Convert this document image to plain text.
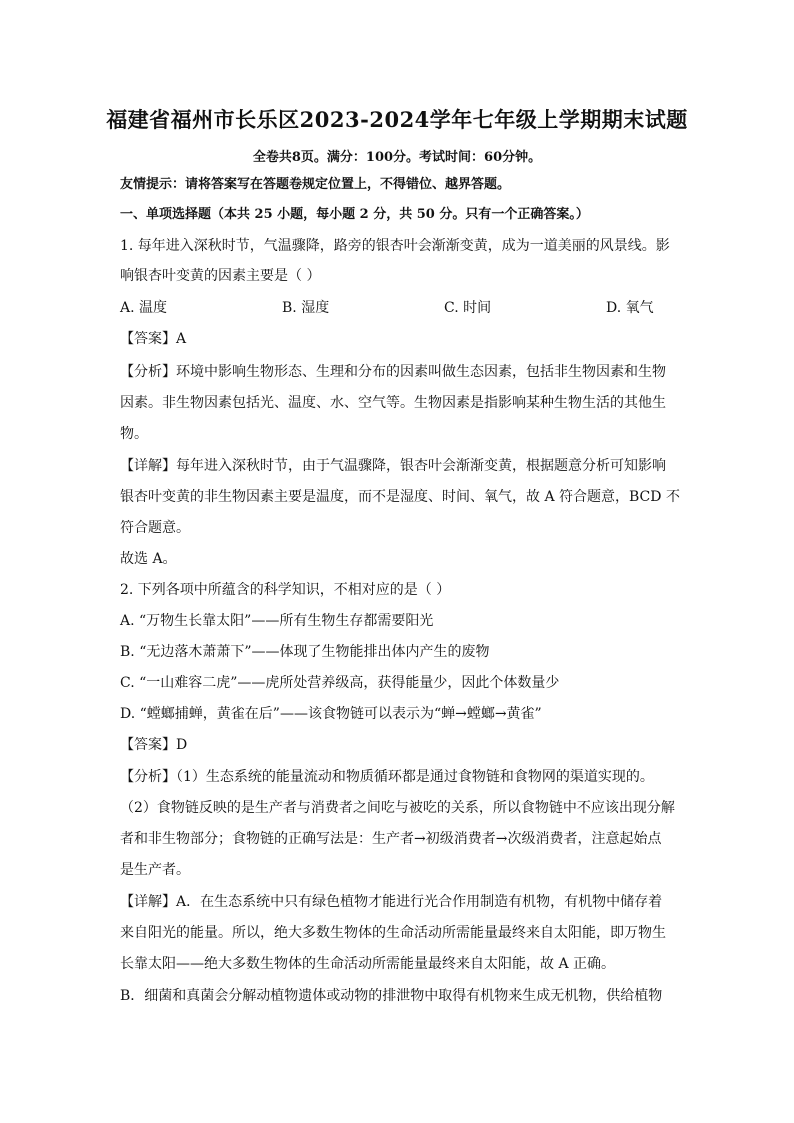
福建省福州市长乐区2023-2024学年七年级上学期期末试题
全卷共8页。满分：100分。考试时间：60分钟。
友情提示：请将答案写在答题卷规定位置上，不得错位、越界答题。
一、单项选择题（本共 25 小题，每小题 2 分，共 50 分。只有一个正确答案。）
1. 每年进入深秋时节，气温骤降，路旁的银杏叶会渐渐变黄，成为一道美丽的风景线。影
响银杏叶变黄的因素主要是（ ）
A. 温度	B. 湿度	C. 时间	D. 氧气
【答案】A
【分析】环境中影响生物形态、生理和分布的因素叫做生态因素，包括非生物因素和生物
因素。非生物因素包括光、温度、水、空气等。生物因素是指影响某种生物生活的其他生
物。
【详解】每年进入深秋时节，由于气温骤降，银杏叶会渐渐变黄，根据题意分析可知影响
银杏叶变黄的非生物因素主要是温度，而不是湿度、时间、氧气，故 A 符合题意，BCD 不
符合题意。
故选 A。
2. 下列各项中所蕴含的科学知识，不相对应的是（ ）
A. “万物生长靠太阳”——所有生物生存都需要阳光
B. “无边落木萧萧下”——体现了生物能排出体内产生的废物
C. “一山难容二虎”——虎所处营养级高，获得能量少，因此个体数量少
D. “螳螂捕蝉，黄雀在后”——该食物链可以表示为“蝉→螳螂→黄雀”
【答案】D
【分析】（1）生态系统的能量流动和物质循环都是通过食物链和食物网的渠道实现的。
（2）食物链反映的是生产者与消费者之间吃与被吃的关系，所以食物链中不应该出现分解
者和非生物部分；食物链的正确写法是：生产者→初级消费者→次级消费者，注意起始点
是生产者。
【详解】A．在生态系统中只有绿色植物才能进行光合作用制造有机物，有机物中储存着
来自阳光的能量。所以，绝大多数生物体的生命活动所需能量最终来自太阳能，即万物生
长靠太阳——绝大多数生物体的生命活动所需能量最终来自太阳能，故 A 正确。
B．细菌和真菌会分解动植物遗体或动物的排泄物中取得有机物来生成无机物，供给植物
